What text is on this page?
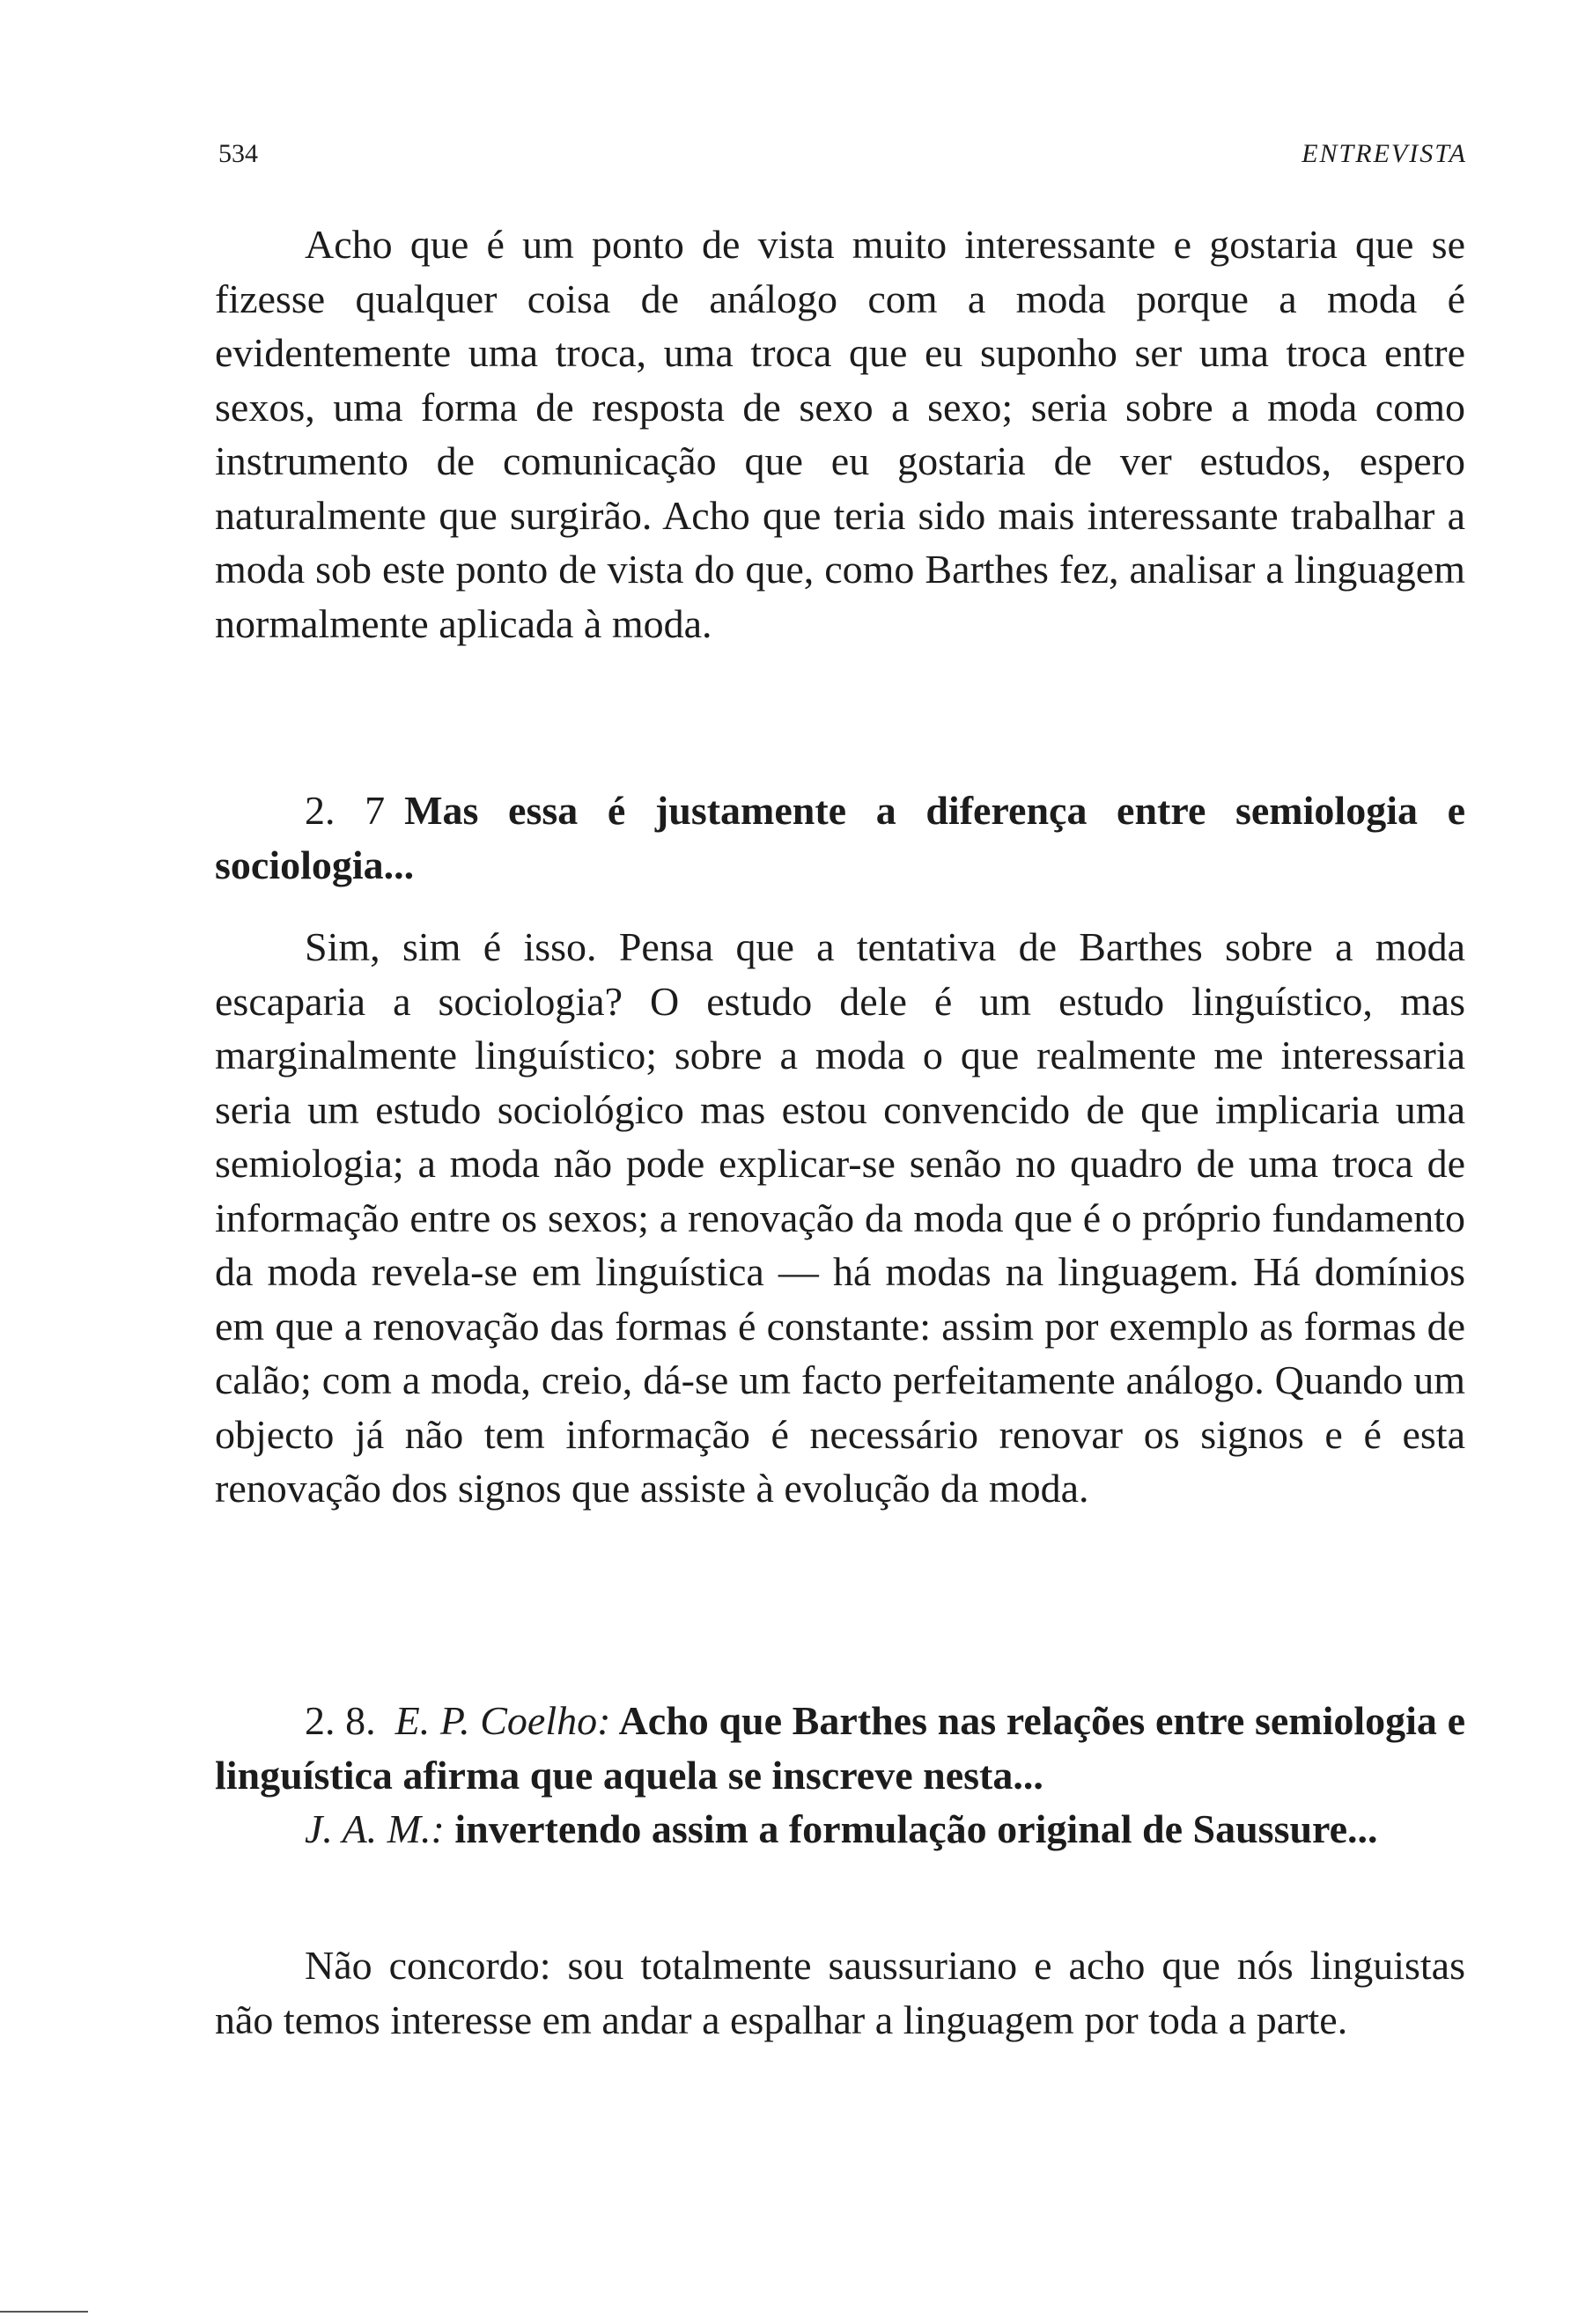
534	ENTREVISTA

Acho que é um ponto de vista muito interessante e gostaria que se fizesse qualquer coisa de análogo com a moda porque a moda é evidentemente uma troca, uma troca que eu suponho ser uma troca entre sexos, uma forma de resposta de sexo a sexo; seria sobre a moda como instrumento de comunicação que eu gostaria de ver estudos, espero naturalmente que surgirão. Acho que teria sido mais interessante trabalhar a moda sob este ponto de vista do que, como Barthes fez, analisar a linguagem normalmente aplicada à moda.

2. 7 Mas essa é justamente a diferença entre semiologia e sociologia...

Sim, sim é isso. Pensa que a tentativa de Barthes sobre a moda escaparia a sociologia? O estudo dele é um estudo linguístico, mas marginalmente linguístico; sobre a moda o que realmente me interessaria seria um estudo sociológico mas estou convencido de que implicaria uma semiologia; a moda não pode explicar-se senão no quadro de uma troca de informação entre os sexos; a renovação da moda que é o próprio fundamento da moda revela-se em linguística — há modas na linguagem. Há domínios em que a renovação das formas é constante: assim por exemplo as formas de calão; com a moda, creio, dá-se um facto perfeitamente análogo. Quando um objecto já não tem informação é necessário renovar os signos e é esta renovação dos signos que assiste à evolução da moda.

2. 8. E. P. Coelho: Acho que Barthes nas relações entre semiologia e linguística afirma que aquela se inscreve nesta...

J. A. M.: invertendo assim a formulação original de Saussure...

Não concordo: sou totalmente saussuriano e acho que nós linguistas não temos interesse em andar a espalhar a linguagem por toda a parte.
